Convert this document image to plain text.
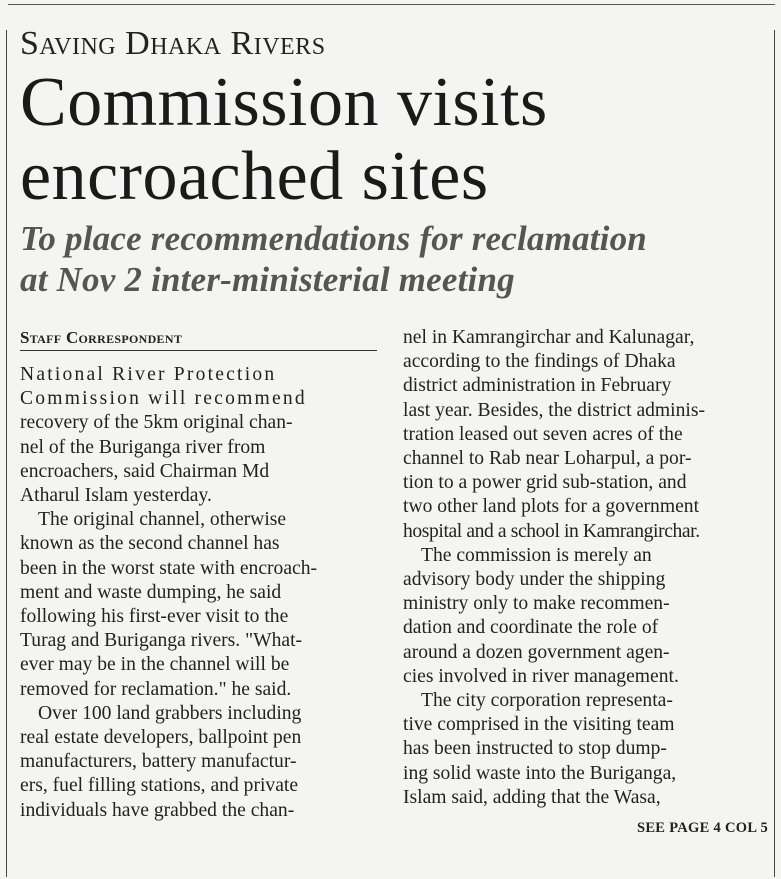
Saving Dhaka Rivers
Commission visits
encroached sites
To place recommendations for reclamation
at Nov 2 inter-ministerial meeting
Staff Correspondent
National River Protection
Commission will recommend
recovery of the 5km original chan-
nel of the Buriganga river from
encroachers, said Chairman Md
Atharul Islam yesterday.
The original channel, otherwise
known as the second channel has
been in the worst state with encroach-
ment and waste dumping, he said
following his first-ever visit to the
Turag and Buriganga rivers. "What-
ever may be in the channel will be
removed for reclamation." he said.
Over 100 land grabbers including
real estate developers, ballpoint pen
manufacturers, battery manufactur-
ers, fuel filling stations, and private
individuals have grabbed the chan-
nel in Kamrangirchar and Kalunagar,
according to the findings of Dhaka
district administration in February
last year. Besides, the district adminis-
tration leased out seven acres of the
channel to Rab near Loharpul, a por-
tion to a power grid sub-station, and
two other land plots for a government
hospital and a school in Kamrangirchar.
The commission is merely an
advisory body under the shipping
ministry only to make recommen-
dation and coordinate the role of
around a dozen government agen-
cies involved in river management.
The city corporation representa-
tive comprised in the visiting team
has been instructed to stop dump-
ing solid waste into the Buriganga,
Islam said, adding that the Wasa,
SEE PAGE 4 COL 5
